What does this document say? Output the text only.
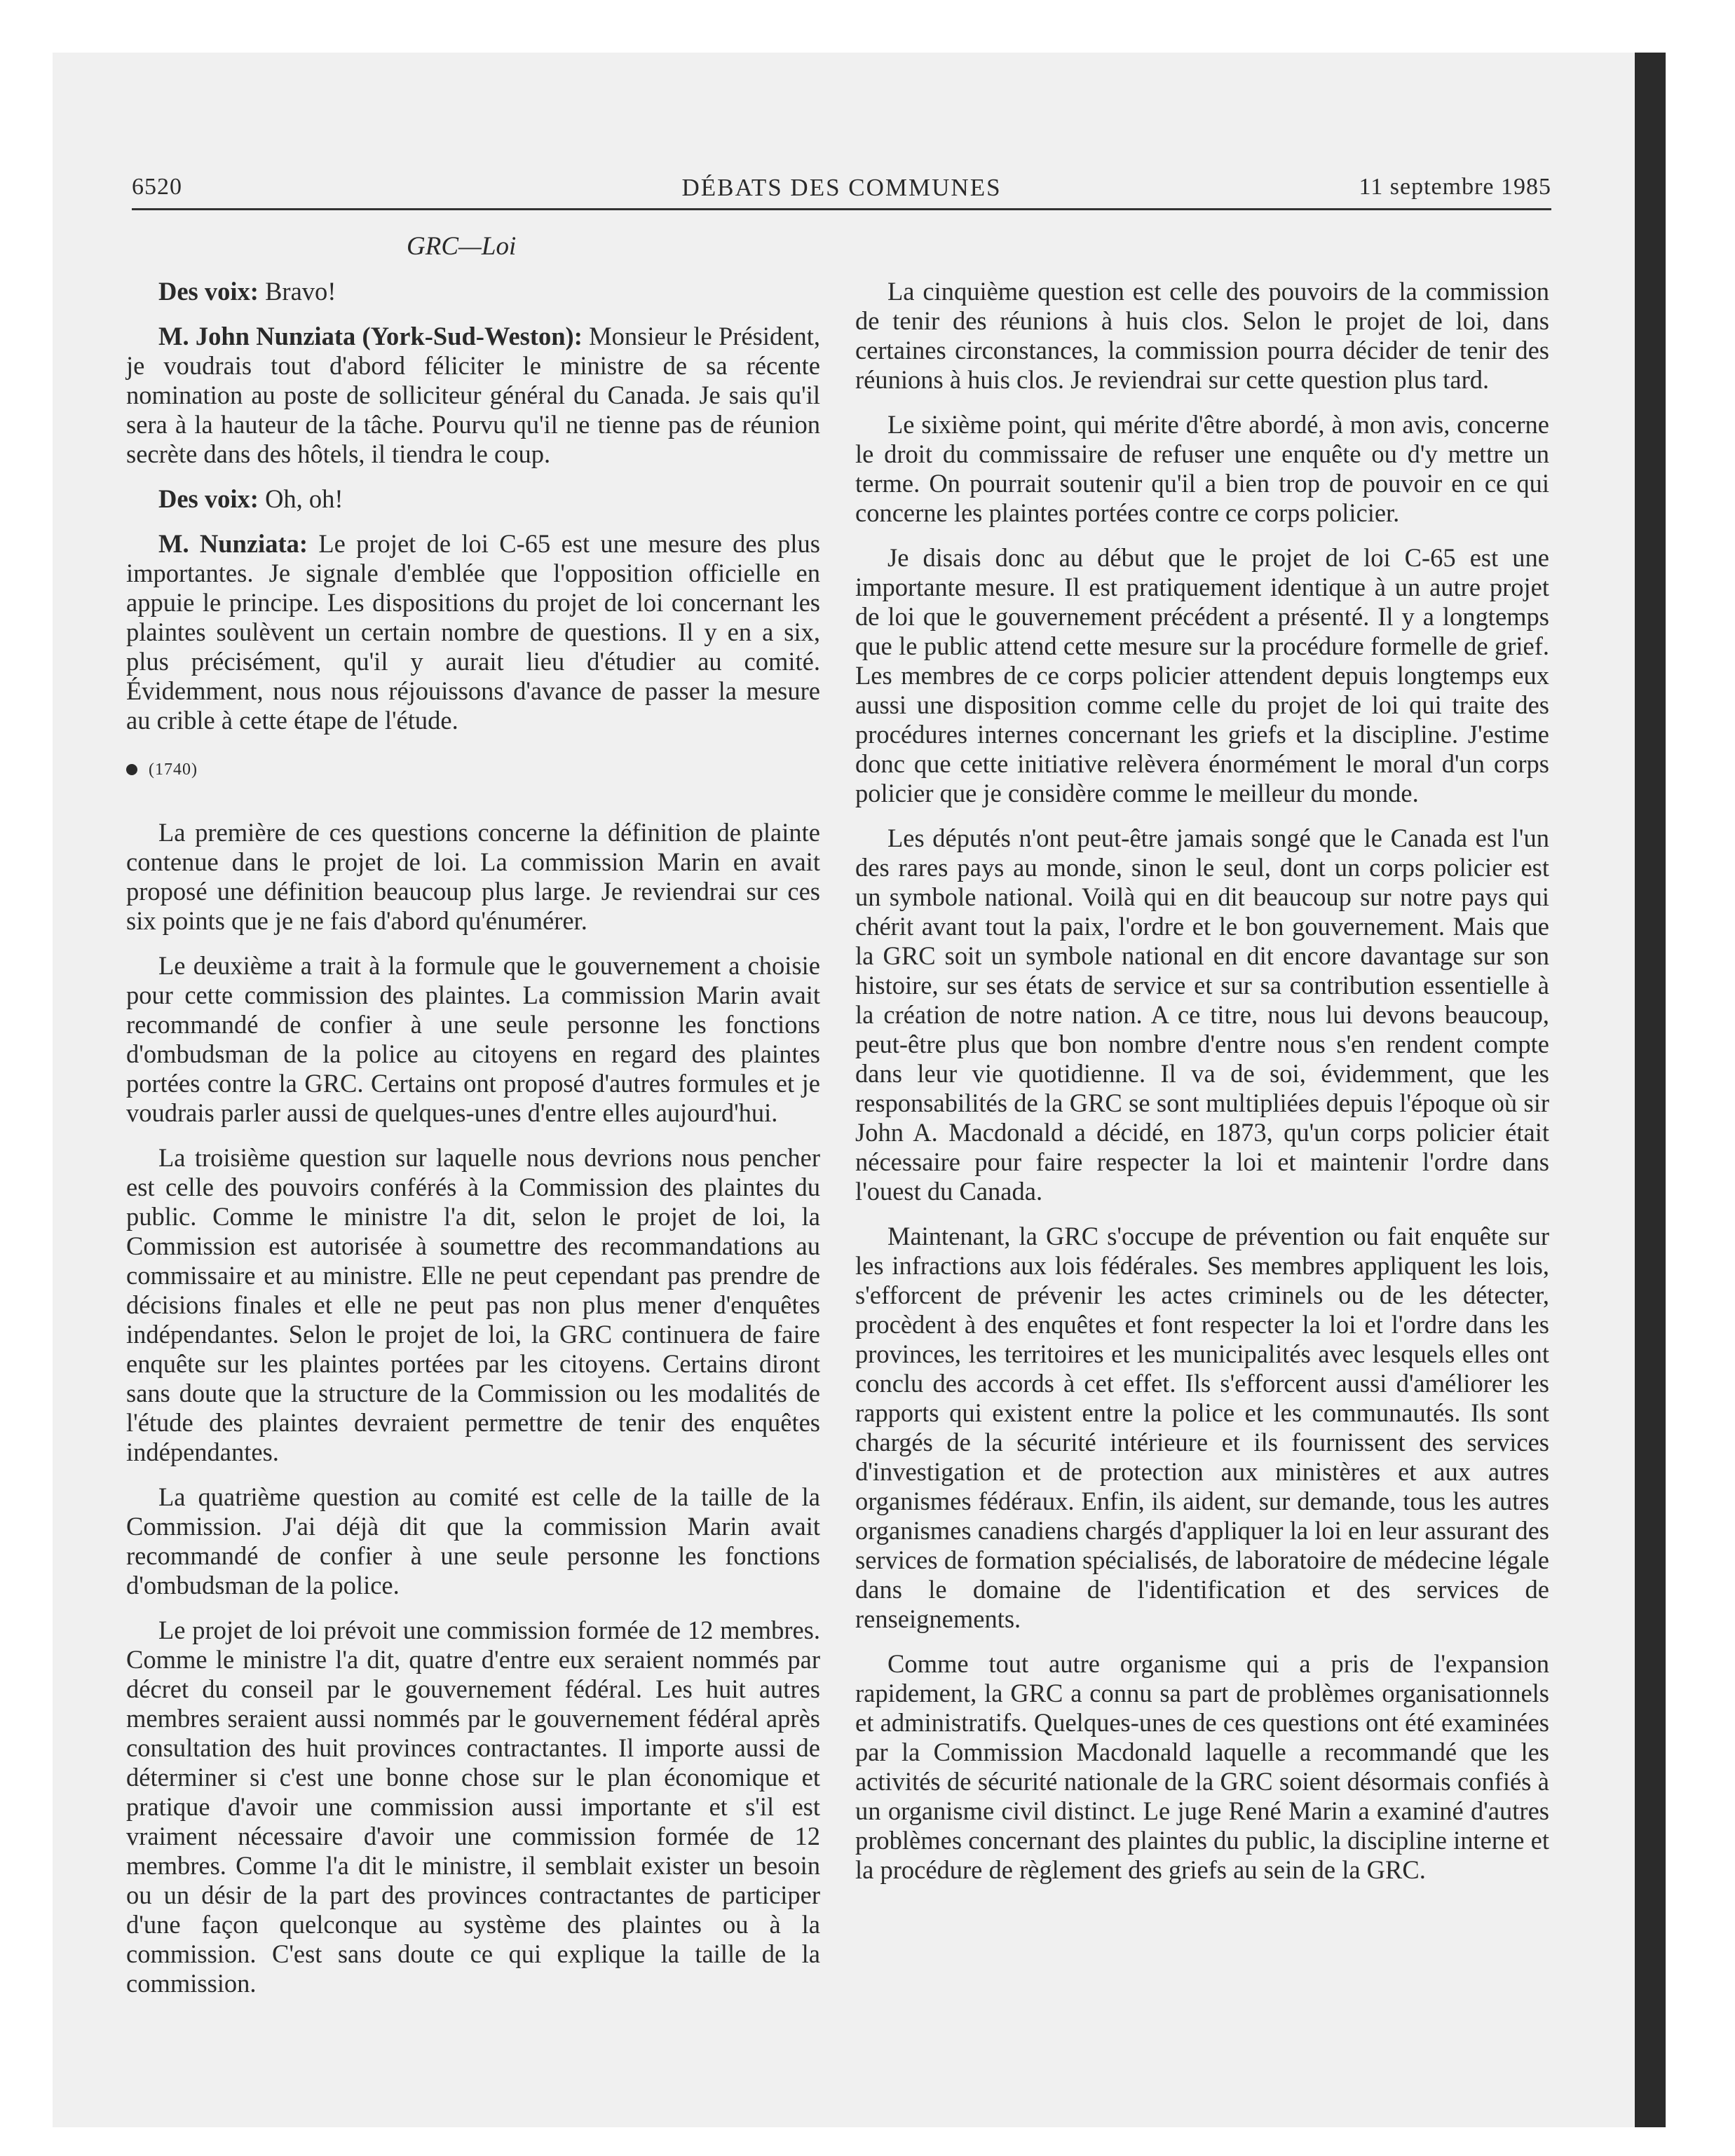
6520	DÉBATS DES COMMUNES	11 septembre 1985
GRC—Loi

Des voix: Bravo!

M. John Nunziata (York-Sud-Weston): Monsieur le Président, je voudrais tout d'abord féliciter le ministre de sa récente nomination au poste de solliciteur général du Canada. Je sais qu'il sera à la hauteur de la tâche. Pourvu qu'il ne tienne pas de réunion secrète dans des hôtels, il tiendra le coup.

Des voix: Oh, oh!

M. Nunziata: Le projet de loi C-65 est une mesure des plus importantes. Je signale d'emblée que l'opposition officielle en appuie le principe. Les dispositions du projet de loi concernant les plaintes soulèvent un certain nombre de questions. Il y en a six, plus précisément, qu'il y aurait lieu d'étudier au comité. Évidemment, nous nous réjouissons d'avance de passer la mesure au crible à cette étape de l'étude.

(1740)

La première de ces questions concerne la définition de plainte contenue dans le projet de loi. La commission Marin en avait proposé une définition beaucoup plus large. Je reviendrai sur ces six points que je ne fais d'abord qu'énumérer.

Le deuxième a trait à la formule que le gouvernement a choisie pour cette commission des plaintes. La commission Marin avait recommandé de confier à une seule personne les fonctions d'ombudsman de la police au citoyens en regard des plaintes portées contre la GRC. Certains ont proposé d'autres formules et je voudrais parler aussi de quelques-unes d'entre elles aujourd'hui.

La troisième question sur laquelle nous devrions nous pencher est celle des pouvoirs conférés à la Commission des plaintes du public. Comme le ministre l'a dit, selon le projet de loi, la Commission est autorisée à soumettre des recommandations au commissaire et au ministre. Elle ne peut cependant pas prendre de décisions finales et elle ne peut pas non plus mener d'enquêtes indépendantes. Selon le projet de loi, la GRC continuera de faire enquête sur les plaintes portées par les citoyens. Certains diront sans doute que la structure de la Commission ou les modalités de l'étude des plaintes devraient permettre de tenir des enquêtes indépendantes.

La quatrième question au comité est celle de la taille de la Commission. J'ai déjà dit que la commission Marin avait recommandé de confier à une seule personne les fonctions d'ombudsman de la police.

Le projet de loi prévoit une commission formée de 12 membres. Comme le ministre l'a dit, quatre d'entre eux seraient nommés par décret du conseil par le gouvernement fédéral. Les huit autres membres seraient aussi nommés par le gouvernement fédéral après consultation des huit provinces contractantes. Il importe aussi de déterminer si c'est une bonne chose sur le plan économique et pratique d'avoir une commission aussi importante et s'il est vraiment nécessaire d'avoir une commission formée de 12 membres. Comme l'a dit le ministre, il semblait exister un besoin ou un désir de la part des provinces contractantes de participer d'une façon quelconque au système des plaintes ou à la commission. C'est sans doute ce qui explique la taille de la commission.

La cinquième question est celle des pouvoirs de la commission de tenir des réunions à huis clos. Selon le projet de loi, dans certaines circonstances, la commission pourra décider de tenir des réunions à huis clos. Je reviendrai sur cette question plus tard.

Le sixième point, qui mérite d'être abordé, à mon avis, concerne le droit du commissaire de refuser une enquête ou d'y mettre un terme. On pourrait soutenir qu'il a bien trop de pouvoir en ce qui concerne les plaintes portées contre ce corps policier.

Je disais donc au début que le projet de loi C-65 est une importante mesure. Il est pratiquement identique à un autre projet de loi que le gouvernement précédent a présenté. Il y a longtemps que le public attend cette mesure sur la procédure formelle de grief. Les membres de ce corps policier attendent depuis longtemps eux aussi une disposition comme celle du projet de loi qui traite des procédures internes concernant les griefs et la discipline. J'estime donc que cette initiative relèvera énormément le moral d'un corps policier que je considère comme le meilleur du monde.

Les députés n'ont peut-être jamais songé que le Canada est l'un des rares pays au monde, sinon le seul, dont un corps policier est un symbole national. Voilà qui en dit beaucoup sur notre pays qui chérit avant tout la paix, l'ordre et le bon gouvernement. Mais que la GRC soit un symbole national en dit encore davantage sur son histoire, sur ses états de service et sur sa contribution essentielle à la création de notre nation. A ce titre, nous lui devons beaucoup, peut-être plus que bon nombre d'entre nous s'en rendent compte dans leur vie quotidienne. Il va de soi, évidemment, que les responsabilités de la GRC se sont multipliées depuis l'époque où sir John A. Macdonald a décidé, en 1873, qu'un corps policier était nécessaire pour faire respecter la loi et maintenir l'ordre dans l'ouest du Canada.

Maintenant, la GRC s'occupe de prévention ou fait enquête sur les infractions aux lois fédérales. Ses membres appliquent les lois, s'efforcent de prévenir les actes criminels ou de les détecter, procèdent à des enquêtes et font respecter la loi et l'ordre dans les provinces, les territoires et les municipalités avec lesquels elles ont conclu des accords à cet effet. Ils s'efforcent aussi d'améliorer les rapports qui existent entre la police et les communautés. Ils sont chargés de la sécurité intérieure et ils fournissent des services d'investigation et de protection aux ministères et aux autres organismes fédéraux. Enfin, ils aident, sur demande, tous les autres organismes canadiens chargés d'appliquer la loi en leur assurant des services de formation spécialisés, de laboratoire de médecine légale dans le domaine de l'identification et des services de renseignements.

Comme tout autre organisme qui a pris de l'expansion rapidement, la GRC a connu sa part de problèmes organisationnels et administratifs. Quelques-unes de ces questions ont été examinées par la Commission Macdonald laquelle a recommandé que les activités de sécurité nationale de la GRC soient désormais confiés à un organisme civil distinct. Le juge René Marin a examiné d'autres problèmes concernant des plaintes du public, la discipline interne et la procédure de règlement des griefs au sein de la GRC.
